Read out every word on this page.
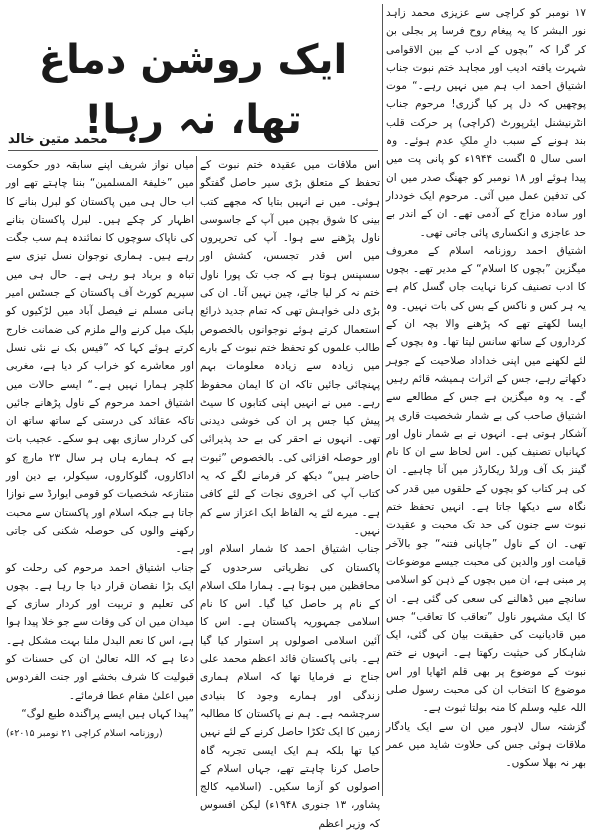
۱۷ نومبر کو کراچی سے عزیزی محمد زاہد نور البشر کا یہ پیغام روح فرسا پر بجلی بن کر گرا کہ ”بچوں کے ادب کے بین الاقوامی شہرت یافتہ ادیب اور مجاہد ختم نبوت جناب اشتیاق احمد اب ہم میں نہیں رہے۔“ موت پوچھیں کہ دل پر کیا گزری! مرحوم جناب انٹرنیشنل ایئرپورٹ (کراچی) پر حرکت قلب بند ہونے کے سبب دارِ ملکِ عدم ہوئے۔ وہ اسی سال ۵ اگست ۱۹۴۴ء کو پانی پت میں پیدا ہوئے اور ۱۸ نومبر کو جھنگ صدر میں ان کی تدفین عمل میں آئی۔ مرحوم ایک خوددار اور سادہ مزاج کے آدمی تھے۔ ان کے اندر بے حد عاجزی و انکساری پائی جاتی تھی۔

اشتیاق احمد روزنامہ اسلام کے معروف میگزین ”بچوں کا اسلام“ کے مدیر تھے۔ بچوں کا ادب تصنیف کرنا نہایت جاں گسل کام ہے یہ ہر کس و ناکس کے بس کی بات نہیں۔ وہ ایسا لکھتے تھے کہ پڑھنے والا بچہ ان کے کرداروں کے ساتھ سانس لیتا تھا۔ وہ بچوں کے لئے لکھنے میں اپنی خداداد صلاحیت کے جوہر دکھاتے رہے، جس کے اثرات ہمیشہ قائم رہیں گے۔ یہ وہ میگزین ہے جس کے مطالعے سے اشتیاق صاحب کی بے شمار شخصیت قاری پر آشکار ہوتی ہے۔ انہوں نے بے شمار ناول اور کہانیاں تصنیف کیں۔ اس لحاظ سے ان کا نام گینز بک آف ورلڈ ریکارڈز میں آنا چاہیے۔ ان کی ہر کتاب کو بچوں کے حلقوں میں قدر کی نگاہ سے دیکھا جاتا ہے۔ انہیں تحفظ ختم نبوت سے جنون کی حد تک محبت و عقیدت تھی۔ ان کے ناول ”جاپانی فتنہ“ جو بالآخر قیامت اور والدین کی محبت جیسے موضوعات پر مبنی ہے، ان میں بچوں کے ذہن کو اسلامی سانچے میں ڈھالنے کی سعی کی گئی ہے۔ ان کا ایک مشہور ناول ”تعاقب کا تعاقب“ جس میں قادیانیت کی حقیقت بیان کی گئی، ایک شاہکار کی حیثیت رکھتا ہے۔ انہوں نے ختم نبوت کے موضوع پر بھی قلم اٹھایا اور اس موضوع کا انتخاب ان کی محبت رسول صلی اللہ علیہ وسلم کا منہ بولتا ثبوت ہے۔

گزشتہ سال لاہور میں ان سے ایک یادگار ملاقات ہوئی جس کی حلاوت شاید میں عمر بھر نہ بھلا سکوں۔

ایک روشن دماغ تھا، نہ رہا!
محمد متین خالد

اس ملاقات میں عقیدہ ختم نبوت کے تحفظ کے متعلق بڑی سیر حاصل گفتگو ہوئی۔ میں نے انہیں بتایا کہ مجھے کتب بینی کا شوق بچپن میں آپ کے جاسوسی ناول پڑھنے سے ہوا۔ آپ کی تحریروں میں اس قدر تجسس، کشش اور سسپنس ہوتا ہے کہ جب تک پورا ناول ختم نہ کر لیا جائے، چین نہیں آتا۔ ان کی بڑی دلی خواہش تھی کہ تمام جدید ذرائع استعمال کرتے ہوئے نوجوانوں بالخصوص طالب علموں کو تحفظ ختم نبوت کے بارے میں زیادہ سے زیادہ معلومات بہم پہنچائی جائیں تاکہ ان کا ایمان محفوظ رہے۔ میں نے انہیں اپنی کتابوں کا سیٹ پیش کیا جس پر ان کی خوشی دیدنی تھی۔ انہوں نے احقر کی بے حد پذیرائی اور حوصلہ افزائی کی۔ بالخصوص ”ثبوت حاضر ہیں“ دیکھ کر فرمانے لگے کہ یہ کتاب آپ کی اخروی نجات کے لئے کافی ہے۔ میرے لئے یہ الفاظ ایک اعزاز سے کم نہیں۔

جناب اشتیاق احمد کا شمار اسلام اور پاکستان کی نظریاتی سرحدوں کے محافظین میں ہوتا ہے۔ ہمارا ملک اسلام کے نام پر حاصل کیا گیا۔ اس کا نام اسلامی جمہوریہ پاکستان ہے۔ اس کا آئین اسلامی اصولوں پر استوار کیا گیا ہے۔ بانی پاکستان قائد اعظم محمد علی جناح نے فرمایا تھا کہ اسلام ہماری زندگی اور ہمارے وجود کا بنیادی سرچشمہ ہے۔ ہم نے پاکستان کا مطالبہ زمین کا ایک ٹکڑا حاصل کرنے کے لئے نہیں کیا تھا بلکہ ہم ایک ایسی تجربہ گاہ حاصل کرنا چاہتے تھے، جہاں اسلام کے اصولوں کو آزما سکیں۔ (اسلامیہ کالج پشاور، ۱۳ جنوری ۱۹۴۸ء) لیکن افسوس کہ وزیر اعظم

میاں نواز شریف اپنے سابقہ دور حکومت میں ”خلیفۃ المسلمین“ بننا چاہتے تھے اور اب حال ہی میں پاکستان کو لبرل بنانے کا اظہار کر چکے ہیں۔ لبرل پاکستان بنانے کی ناپاک سوچوں کا نمائندہ ہم سب جگت رہے ہیں۔ ہماری نوجوان نسل تیزی سے تباہ و برباد ہو رہی ہے۔ حال ہی میں سپریم کورٹ آف پاکستان کے جسٹس امیر ہانی مسلم نے فیصل آباد میں لڑکیوں کو بلیک میل کرنے والے ملزم کی ضمانت خارج کرتے ہوئے کہا کہ ”فیس بک نے نئی نسل اور معاشرے کو خراب کر دیا ہے، مغربی کلچر ہمارا نہیں ہے۔“ ایسے حالات میں اشتیاق احمد مرحوم کے ناول پڑھانے جائیں تاکہ عقائد کی درستی کے ساتھ ساتھ ان کی کردار سازی بھی ہو سکے۔ عجیب بات ہے کہ ہمارے ہاں ہر سال ۲۳ مارچ کو اداکاروں، گلوکاروں، سیکولر، بے دین اور متنازعہ شخصیات کو قومی ایوارڈ سے نوازا جاتا ہے جبکہ اسلام اور پاکستان سے محبت رکھنے والوں کی حوصلہ شکنی کی جاتی ہے۔

جناب اشتیاق احمد مرحوم کی رحلت کو ایک بڑا نقصان قرار دیا جا رہا ہے۔ بچوں کی تعلیم و تربیت اور کردار سازی کے میدان میں ان کی وفات سے جو خلا پیدا ہوا ہے، اس کا نعم البدل ملنا بہت مشکل ہے۔ دعا ہے کہ اللہ تعالیٰ ان کی حسنات کو قبولیت کا شرف بخشے اور جنت الفردوس میں اعلیٰ مقام عطا فرمائے۔

”پیدا کہاں ہیں ایسے پراگندہ طبع لوگ“

(روزنامہ اسلام کراچی ۲۱ نومبر ۲۰۱۵ء)
